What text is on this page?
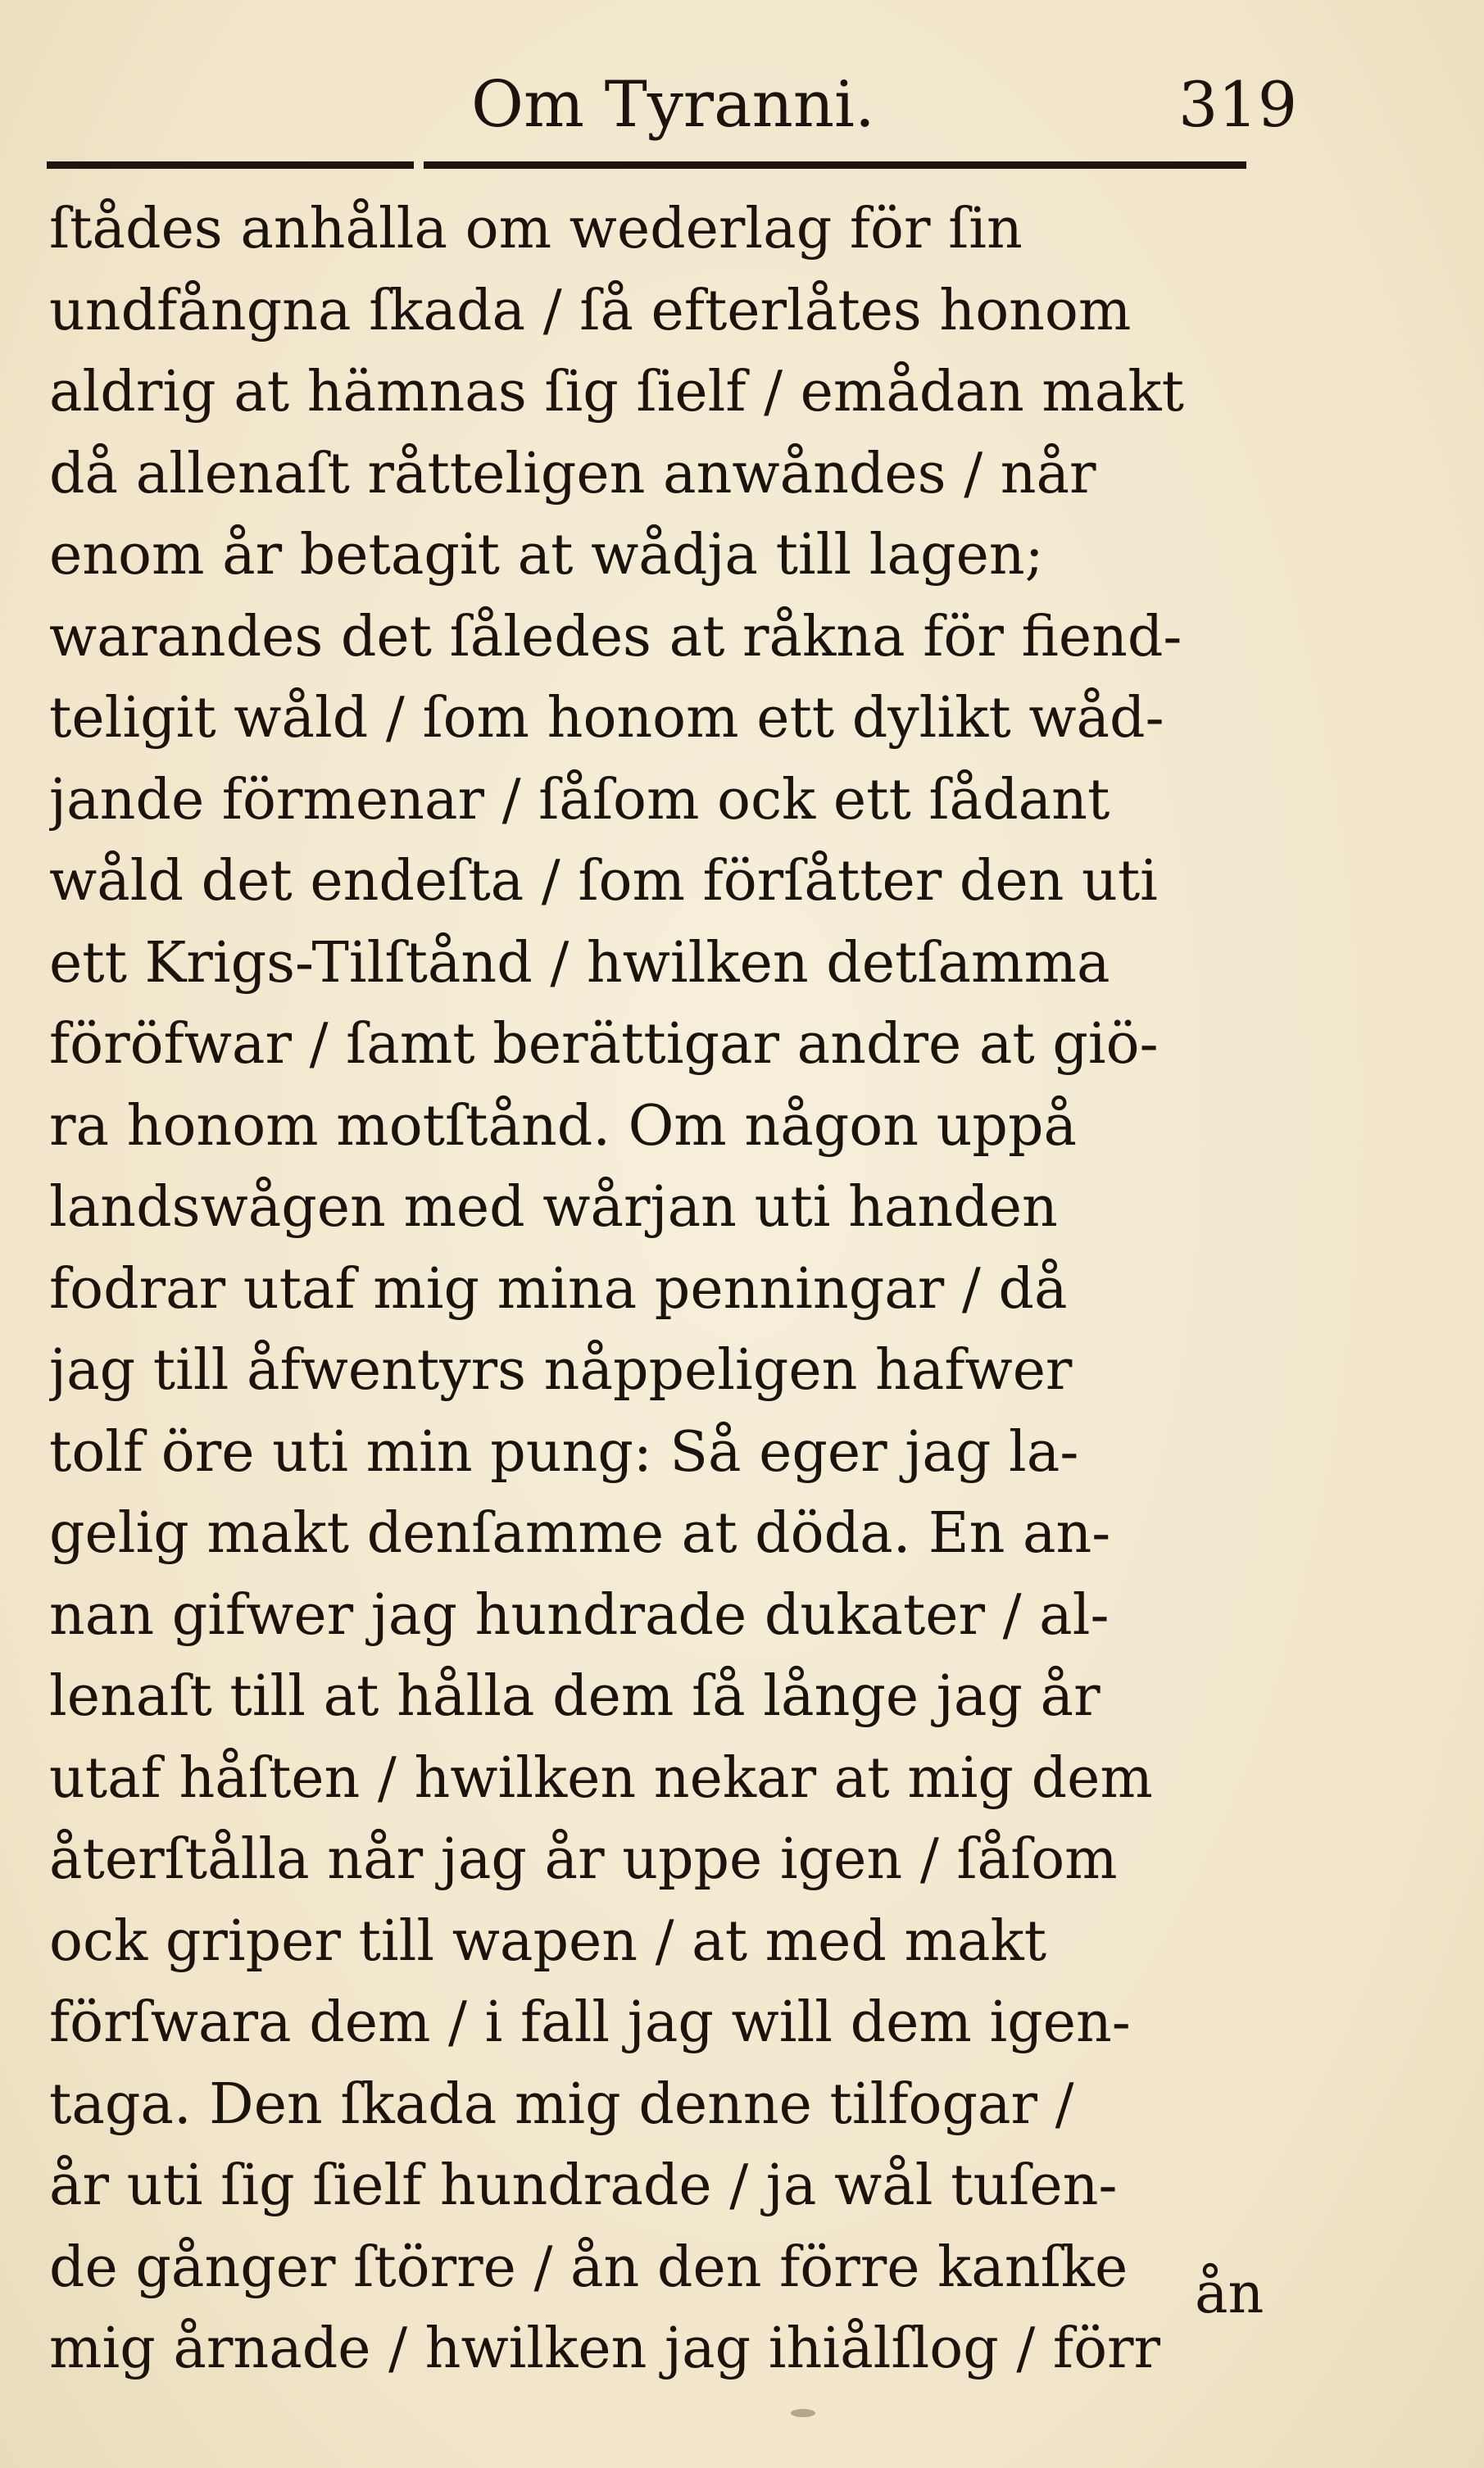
Om Tyranni.	319
ſtådes anhålla om wederlag för ſin
undfångna ſkada / ſå efterlåtes honom
aldrig at hämnas ſig ſielf / emådan makt
då allenaſt råtteligen anwåndes / når
enom år betagit at wådja till lagen;
warandes det ſåledes at råkna för fiend-
teligit wåld / ſom honom ett dylikt wåd-
jande förmenar / ſåſom ock ett ſådant
wåld det endeſta / ſom förſåtter den uti
ett Krigs-Tilſtånd / hwilken detſamma
föröfwar / ſamt berättigar andre at giö-
ra honom motſtånd. Om någon uppå
landswågen med wårjan uti handen
fodrar utaf mig mina penningar / då
jag till åfwentyrs nåppeligen hafwer
tolf öre uti min pung: Så eger jag la-
gelig makt denſamme at döda. En an-
nan gifwer jag hundrade dukater / al-
lenaſt till at hålla dem ſå långe jag år
utaf håſten / hwilken nekar at mig dem
återſtålla når jag år uppe igen / ſåſom
ock griper till wapen / at med makt
förſwara dem / i fall jag will dem igen-
taga. Den ſkada mig denne tilfogar /
år uti ſig ſielf hundrade / ja wål tuſen-
de gånger ſtörre / ån den förre kanſke
mig årnade / hwilken jag ihiålſlog / förr
ån
